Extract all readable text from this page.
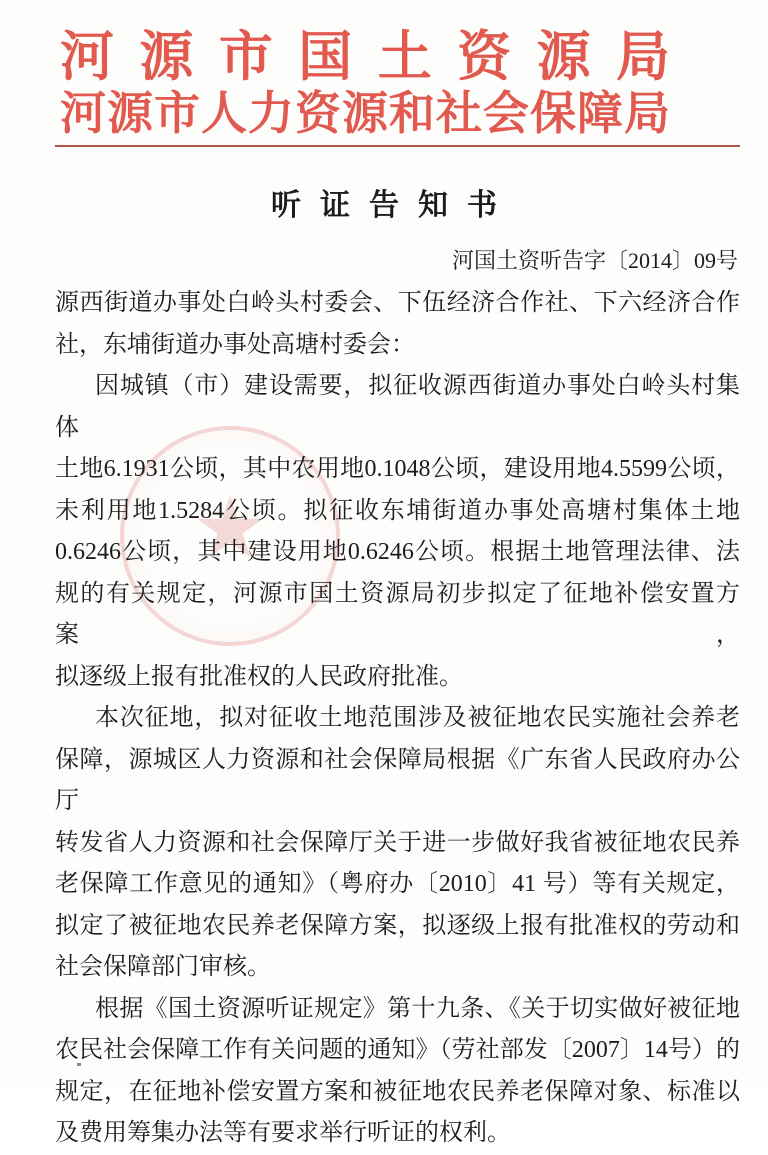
河源市国土资源局
河源市人力资源和社会保障局
听证告知书
河国土资听告字〔2014〕09号
★
源西街道办事处白岭头村委会、下伍经济合作社、下六经济合作
社，东埔街道办事处高塘村委会：
因城镇（市）建设需要，拟征收源西街道办事处白岭头村集体
土地6.1931公顷，其中农用地0.1048公顷，建设用地4.5599公顷，
未利用地1.5284公顷。拟征收东埔街道办事处高塘村集体土地
0.6246公顷，其中建设用地0.6246公顷。根据土地管理法律、法
规的有关规定，河源市国土资源局初步拟定了征地补偿安置方案，
拟逐级上报有批准权的人民政府批准。
本次征地，拟对征收土地范围涉及被征地农民实施社会养老
保障，源城区人力资源和社会保障局根据《广东省人民政府办公厅
转发省人力资源和社会保障厅关于进一步做好我省被征地农民养
老保障工作意见的通知》（粤府办〔2010〕41 号）等有关规定，
拟定了被征地农民养老保障方案，拟逐级上报有批准权的劳动和
社会保障部门审核。
根据《国土资源听证规定》第十九条、《关于切实做好被征地
农民社会保障工作有关问题的通知》（劳社部发〔2007〕14号）的
规定，在征地补偿安置方案和被征地农民养老保障对象、标准以
及费用筹集办法等有要求举行听证的权利。
